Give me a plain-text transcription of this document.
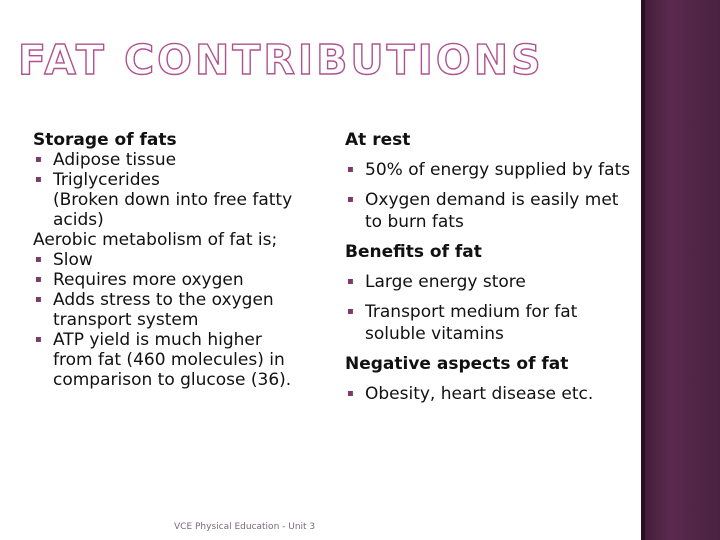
FAT CONTRIBUTIONS
Storage of fats
▪ Adipose tissue
▪ Triglycerides
(Broken down into free fatty
acids)
Aerobic metabolism of fat is;
▪ Slow
▪ Requires more oxygen
▪ Adds stress to the oxygen
transport system
▪ ATP yield is much higher
from fat (460 molecules) in
comparison to glucose (36).
At rest
▪ 50% of energy supplied by fats
▪ Oxygen demand is easily met
to burn fats
Benefits of fat
▪ Large energy store
▪ Transport medium for fat
soluble vitamins
Negative aspects of fat
▪ Obesity, heart disease etc.
VCE Physical Education - Unit 3
